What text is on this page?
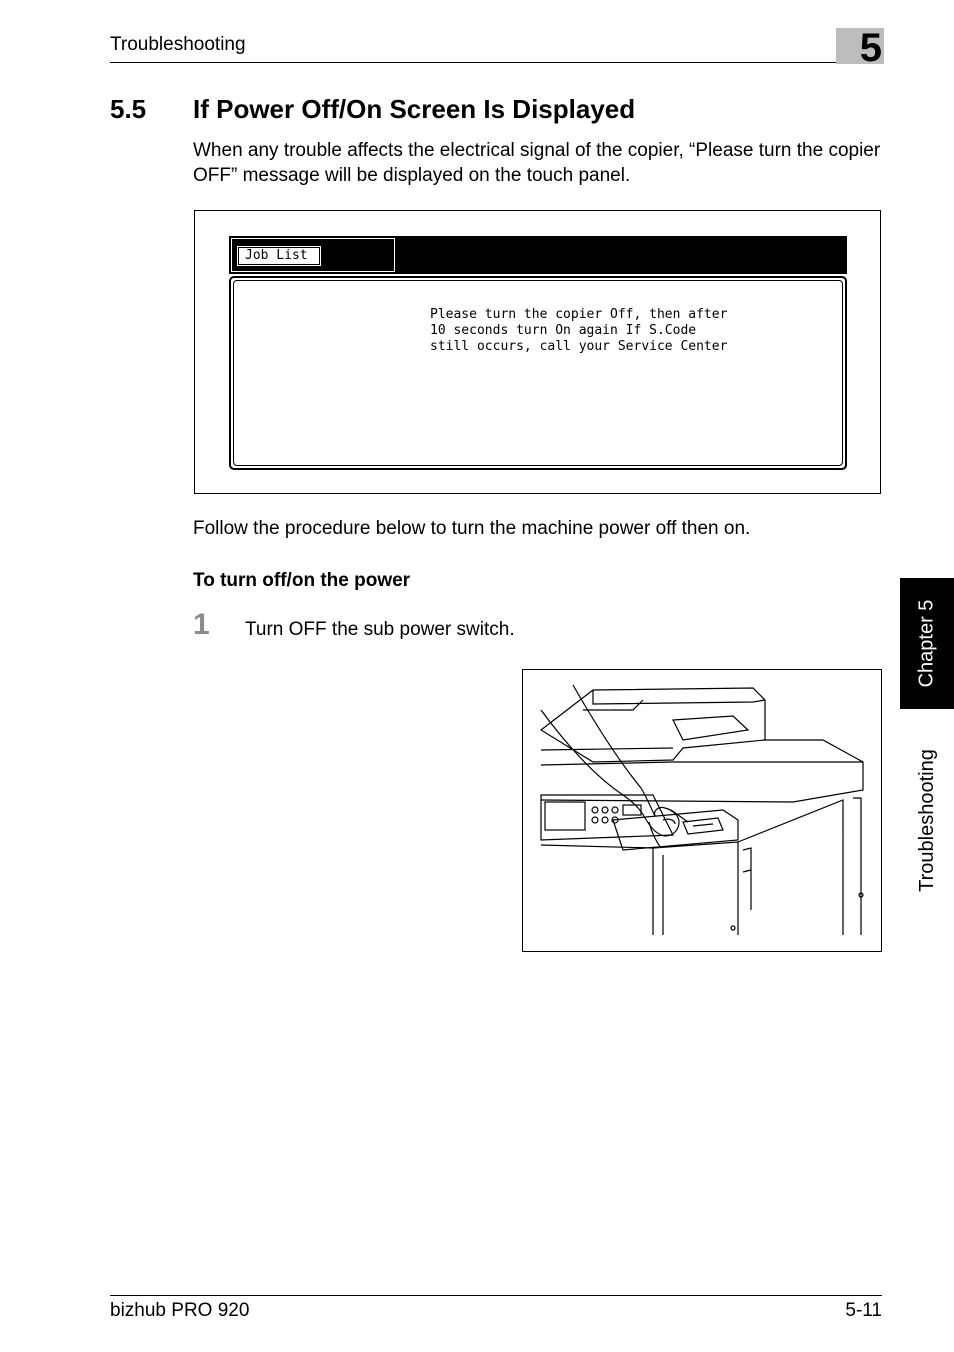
Troubleshooting	5
5.5 If Power Off/On Screen Is Displayed
When any trouble affects the electrical signal of the copier, “Please turn the copier OFF” message will be displayed on the touch panel.
Job List
Please turn the copier Off, then after
10 seconds turn On again If S.Code
still occurs, call your Service Center
Follow the procedure below to turn the machine power off then on.
To turn off/on the power
1 Turn OFF the sub power switch.	Chapter 5
Troubleshooting
bizhub PRO 920	5-11
